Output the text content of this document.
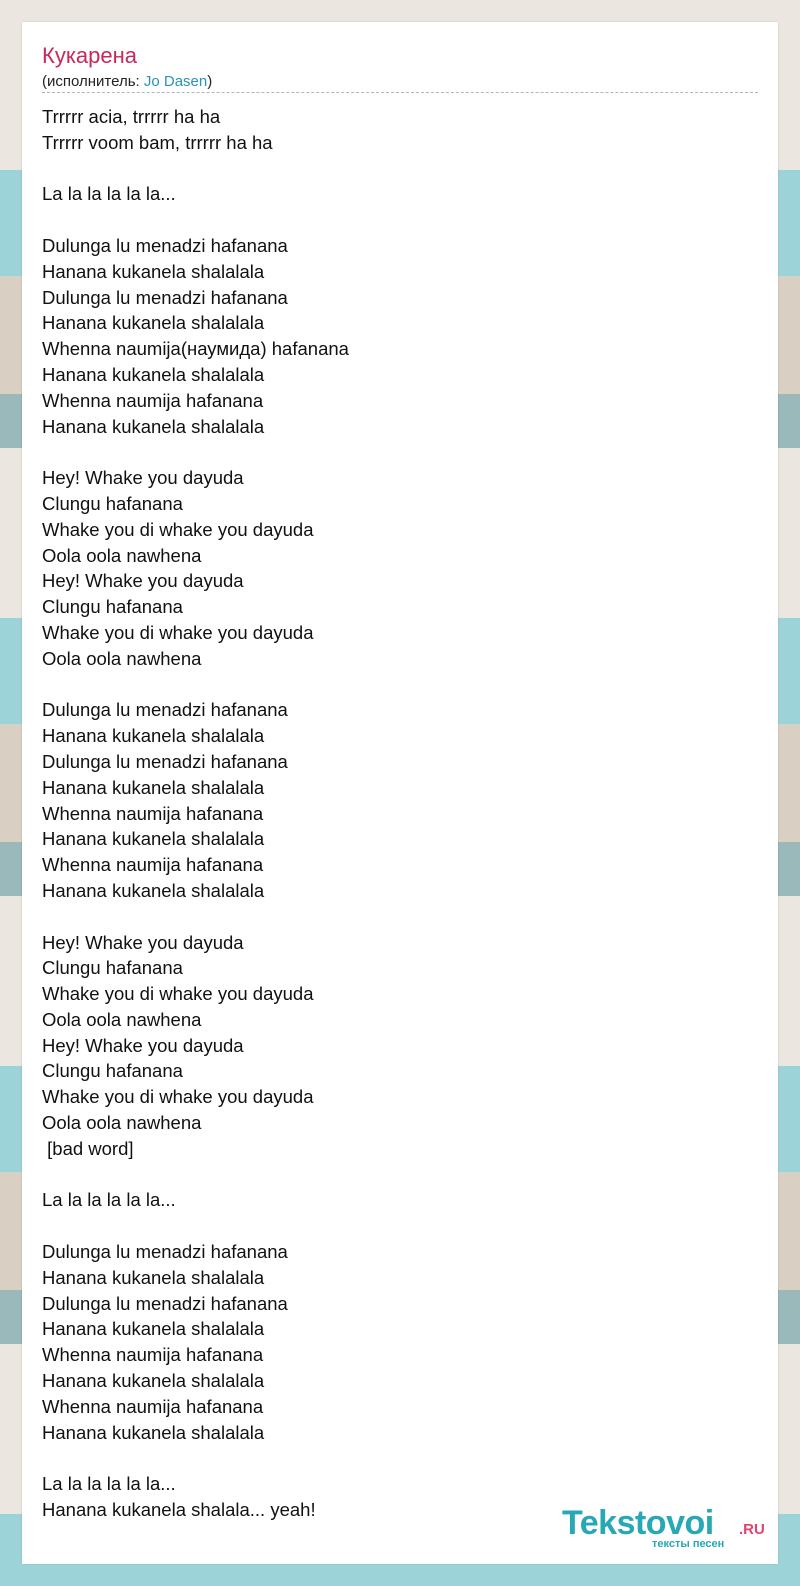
Кукарена
(исполнитель: Jo Dasen)
Trrrrr acia, trrrrr ha ha
Trrrrr voom bam, trrrrr ha ha
La la la la la la...
Dulunga lu menadzi hafanana
Hanana kukanela shalalala
Dulunga lu menadzi hafanana
Hanana kukanela shalalala
Whenna naumija(наумида) hafanana
Hanana kukanela shalalala
Whenna naumija hafanana
Hanana kukanela shalalala
Hey! Whake you dayuda
Clungu hafanana
Whake you di whake you dayuda
Oola oola nawhena
Hey! Whake you dayuda
Clungu hafanana
Whake you di whake you dayuda
Oola oola nawhena
Dulunga lu menadzi hafanana
Hanana kukanela shalalala
Dulunga lu menadzi hafanana
Hanana kukanela shalalala
Whenna naumija hafanana
Hanana kukanela shalalala
Whenna naumija hafanana
Hanana kukanela shalalala
Hey! Whake you dayuda
Clungu hafanana
Whake you di whake you dayuda
Oola oola nawhena
Hey! Whake you dayuda
Clungu hafanana
Whake you di whake you dayuda
Oola oola nawhena
[bad word]
La la la la la la...
Dulunga lu menadzi hafanana
Hanana kukanela shalalala
Dulunga lu menadzi hafanana
Hanana kukanela shalalala
Whenna naumija hafanana
Hanana kukanela shalalala
Whenna naumija hafanana
Hanana kukanela shalalala
La la la la la la...
Hanana kukanela shalala... yeah!	Tekstovoi .RU
тексты песен
